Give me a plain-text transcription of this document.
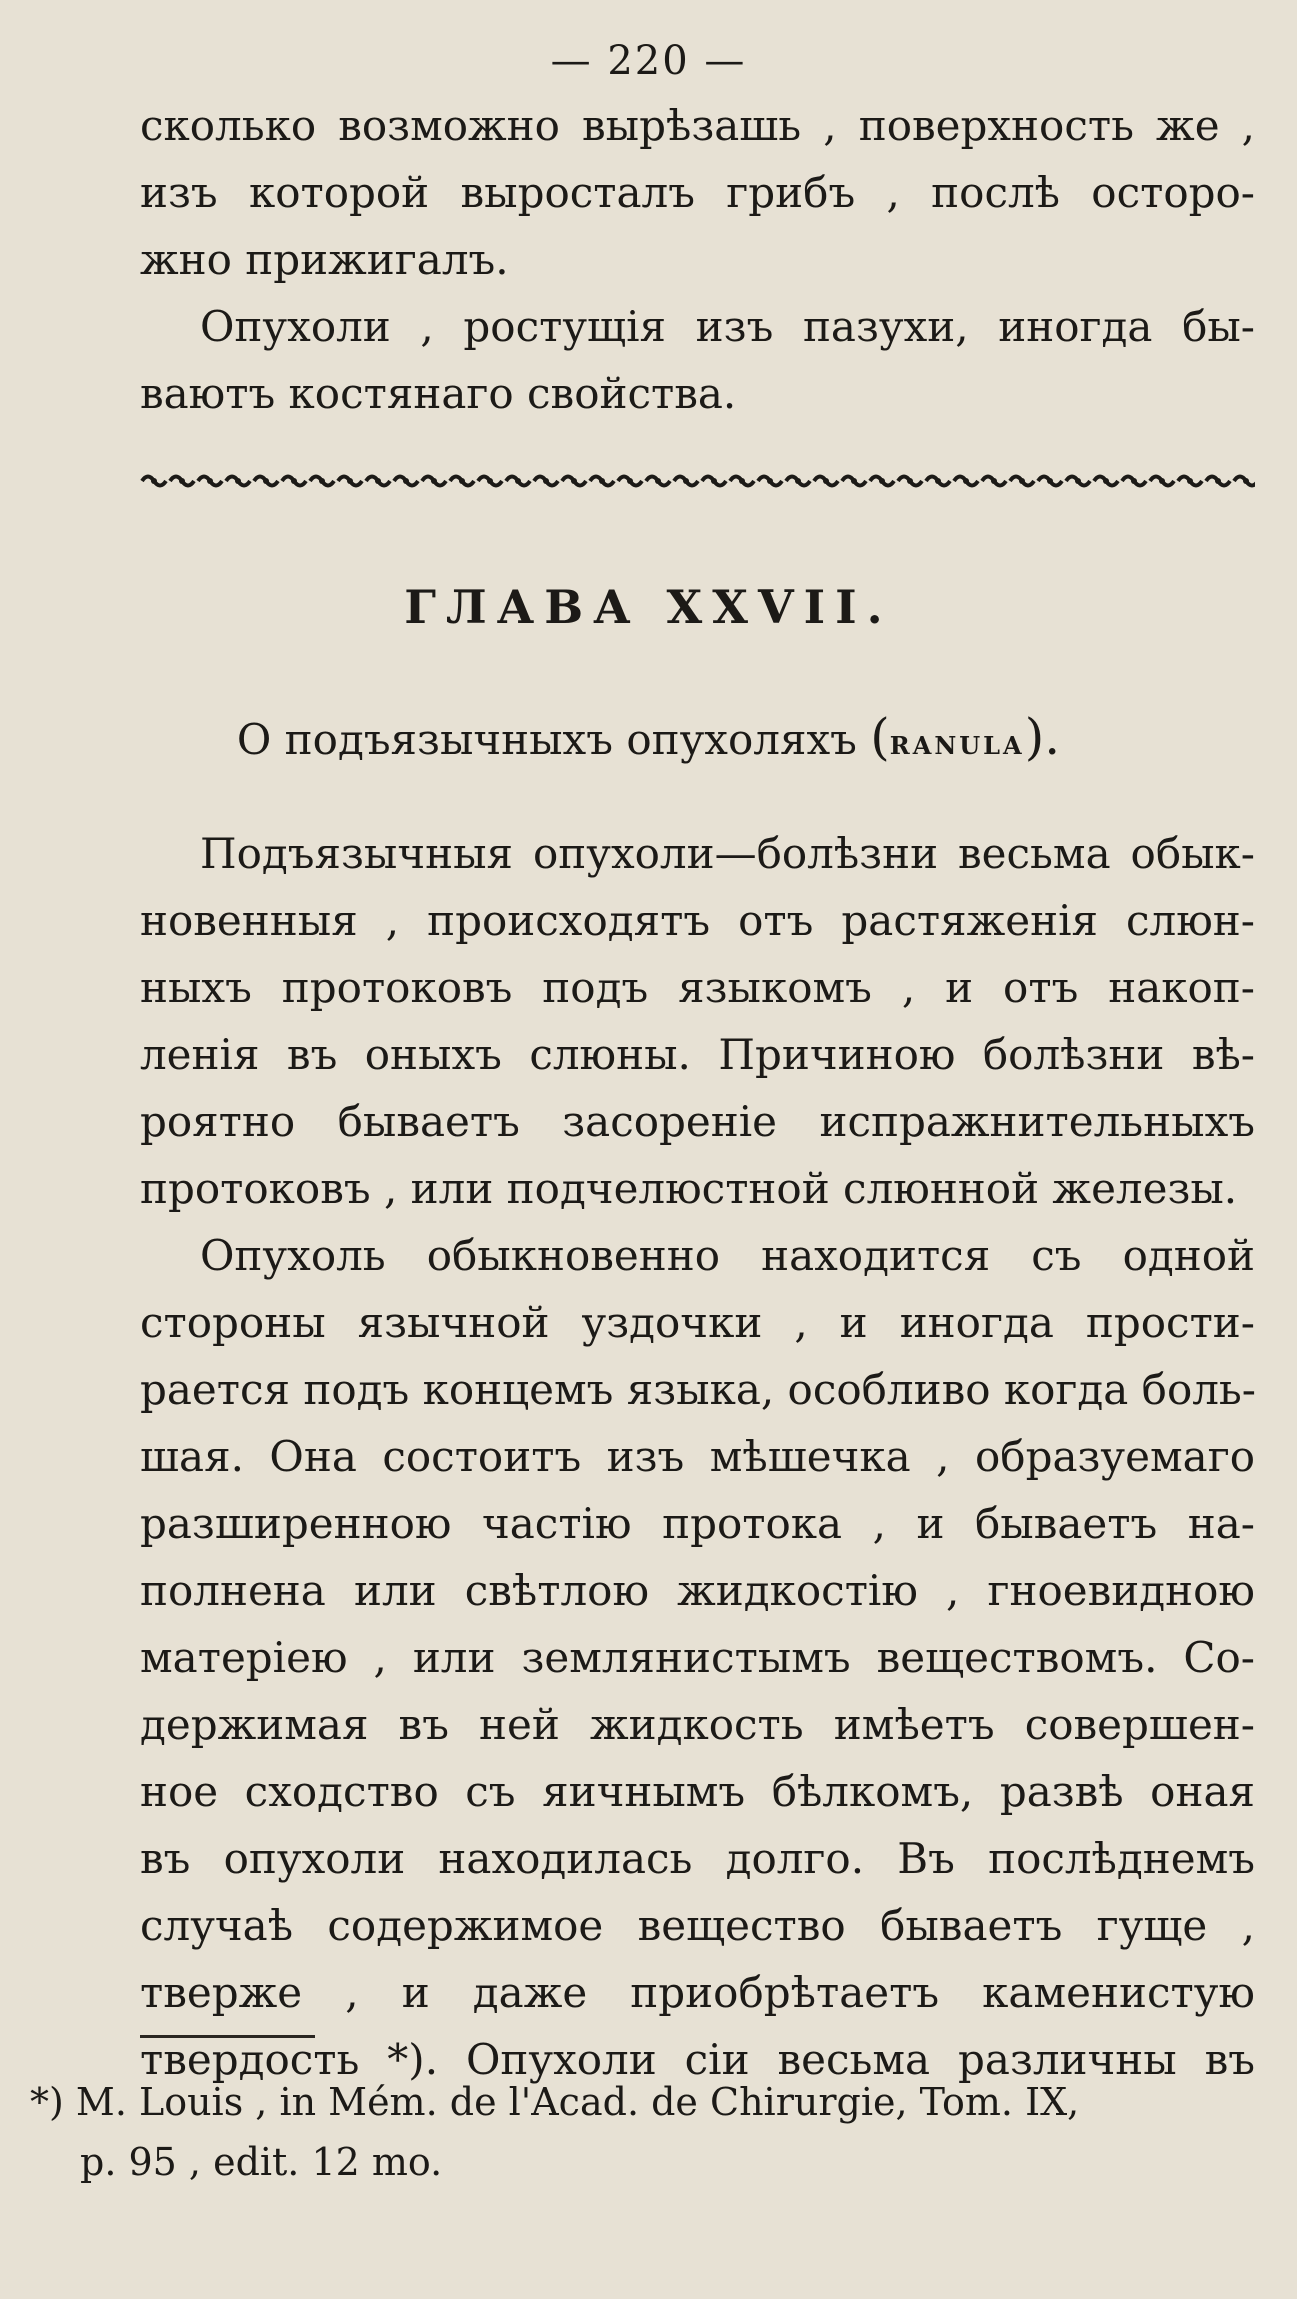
— 220 —
сколько возможно вырѣзашь , поверхность же ,
изъ которой выросталъ грибъ , послѣ осторо-
жно прижигалъ.
Опухоли , ростущія изъ пазухи, иногда бы-
ваютъ костянаго свойства.
ГЛАВА XXVII.
О подъязычныхъ опухоляхъ (RANULA).
Подъязычныя опухоли—болѣзни весьма обык-
новенныя , происходятъ отъ растяженія слюн-
ныхъ протоковъ подъ языкомъ , и отъ накоп-
ленія въ оныхъ слюны. Причиною болѣзни вѣ-
роятно бываетъ засореніе испражнительныхъ
протоковъ , или подчелюстной слюнной железы.
Опухоль обыкновенно находится съ одной
стороны язычной уздочки , и иногда прости-
рается подъ концемъ языка, особливо когда боль-
шая. Она состоитъ изъ мѣшечка , образуемаго
разширенною частію протока , и бываетъ на-
полнена или свѣтлою жидкостію , гноевидною
матеріею , или землянистымъ веществомъ. Со-
держимая въ ней жидкость имѣетъ совершен-
ное сходство съ яичнымъ бѣлкомъ, развѣ оная
въ опухоли находилась долго. Въ послѣднемъ
случаѣ содержимое вещество бываетъ гуще ,
тверже , и даже приобрѣтаетъ каменистую
твердость *). Опухоли сіи весьма различны въ
*) M. Louis , in Mém. de l'Acad. de Chirurgie, Tom. IX,
p. 95 , edit. 12 mo.
